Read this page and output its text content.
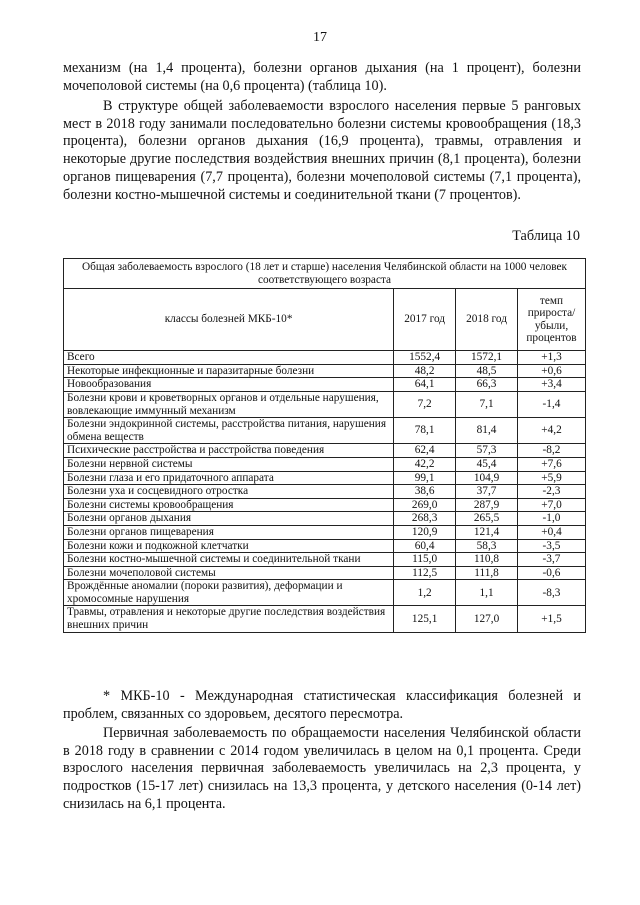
17

механизм (на 1,4 процента), болезни органов дыхания (на 1 процент), болезни мочеполовой системы (на 0,6 процента) (таблица 10).

В структуре общей заболеваемости взрослого населения первые 5 ранговых мест в 2018 году занимали последовательно болезни системы кровообращения (18,3 процента), болезни органов дыхания (16,9 процента), травмы, отравления и некоторые другие последствия воздействия внешних причин (8,1 процента), болезни органов пищеварения (7,7 процента), болезни мочеполовой системы (7,1 процента), болезни костно-мышечной системы и соединительной ткани (7 процентов).

Таблица 10
Общая заболеваемость взрослого (18 лет и старше) населения Челябинской области на 1000 человек соответствующего возраста			
классы болезней МКБ-10*	2017 год	2018 год	темп прироста/ убыли, процентов
Всего	1552,4	1572,1	+1,3
Некоторые инфекционные и паразитарные болезни	48,2	48,5	+0,6
Новообразования	64,1	66,3	+3,4
Болезни крови и кроветворных органов и отдельные нарушения, вовлекающие иммунный механизм	7,2	7,1	-1,4
Болезни эндокринной системы, расстройства питания, нарушения обмена веществ	78,1	81,4	+4,2
Психические расстройства и расстройства поведения	62,4	57,3	-8,2
Болезни нервной системы	42,2	45,4	+7,6
Болезни глаза и его придаточного аппарата	99,1	104,9	+5,9
Болезни уха и сосцевидного отростка	38,6	37,7	-2,3
Болезни системы кровообращения	269,0	287,9	+7,0
Болезни органов дыхания	268,3	265,5	-1,0
Болезни органов пищеварения	120,9	121,4	+0,4
Болезни кожи и подкожной клетчатки	60,4	58,3	-3,5
Болезни костно-мышечной системы и соединительной ткани	115,0	110,8	-3,7
Болезни мочеполовой системы	112,5	111,8	-0,6
Врождённые аномалии (пороки развития), деформации и хромосомные нарушения	1,2	1,1	-8,3
Травмы, отравления и некоторые другие последствия воздействия внешних причин	125,1	127,0	+1,5

* МКБ-10 - Международная статистическая классификация болезней и проблем, связанных со здоровьем, десятого пересмотра.

Первичная заболеваемость по обращаемости населения Челябинской области в 2018 году в сравнении с 2014 годом увеличилась в целом на 0,1 процента. Среди взрослого населения первичная заболеваемость увеличилась на 2,3 процента, у подростков (15-17 лет) снизилась на 13,3 процента, у детского населения (0-14 лет) снизилась на 6,1 процента.
